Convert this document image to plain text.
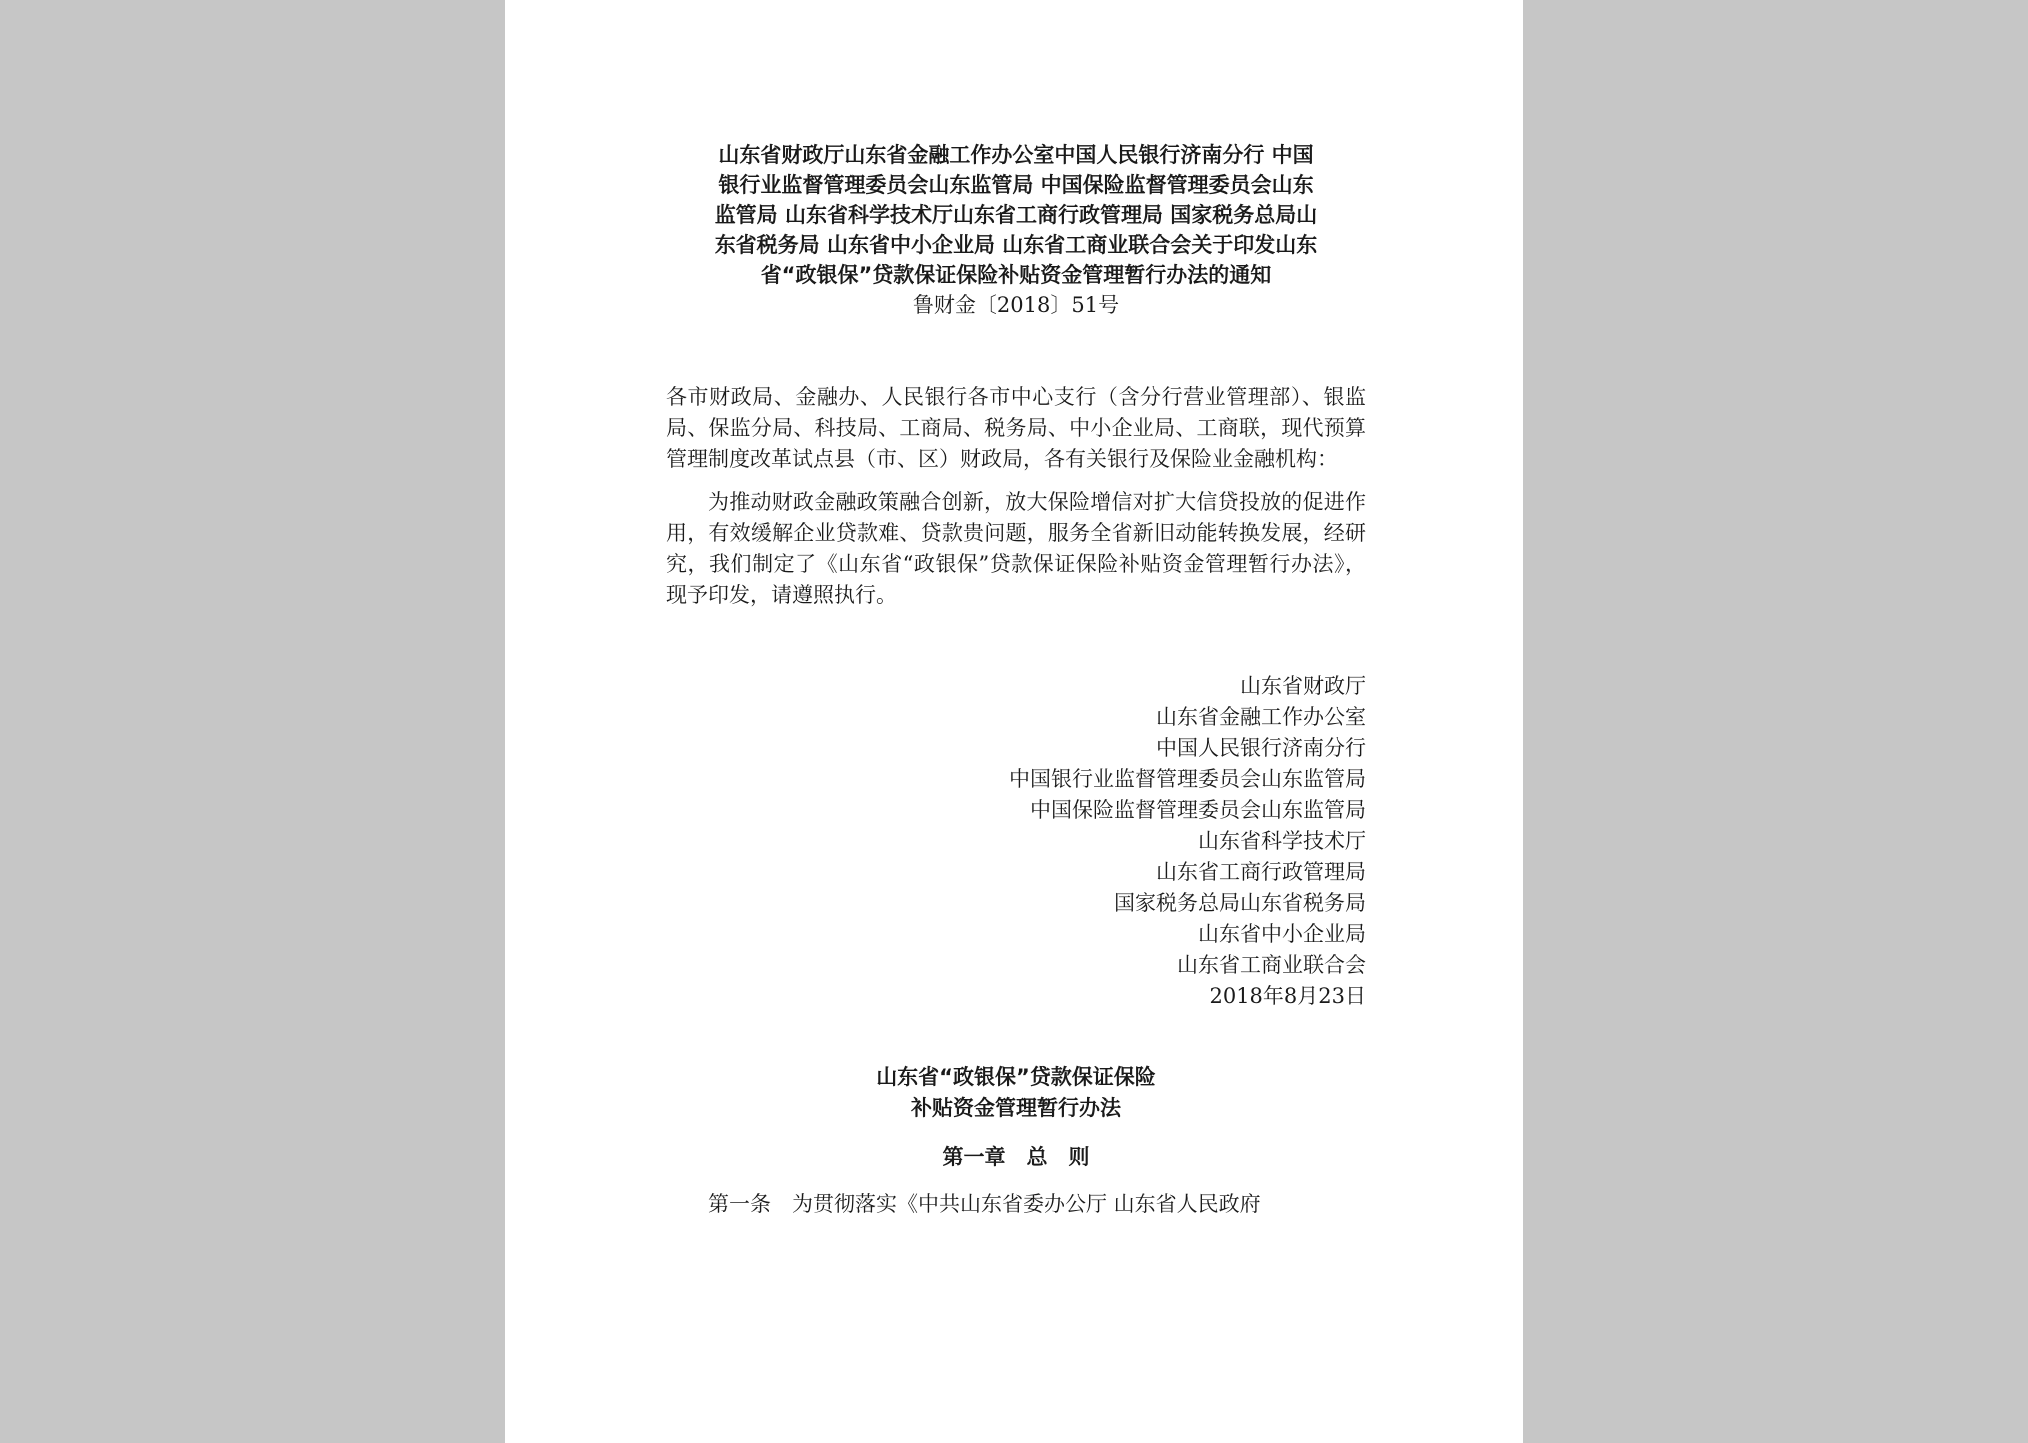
山东省财政厅山东省金融工作办公室中国人民银行济南分行 中国

银行业监督管理委员会山东监管局 中国保险监督管理委员会山东

监管局 山东省科学技术厅山东省工商行政管理局 国家税务总局山

东省税务局 山东省中小企业局 山东省工商业联合会关于印发山东

省“政银保”贷款保证保险补贴资金管理暂行办法的通知

鲁财金〔2018〕51号

各市财政局、金融办、人民银行各市中心支行（含分行营业管理部）、银监局、保监分局、科技局、工商局、税务局、中小企业局、工商联，现代预算管理制度改革试点县（市、区）财政局，各有关银行及保险业金融机构：

为推动财政金融政策融合创新，放大保险增信对扩大信贷投放的促进作用，有效缓解企业贷款难、贷款贵问题，服务全省新旧动能转换发展，经研究，我们制定了《山东省“政银保”贷款保证保险补贴资金管理暂行办法》，现予印发，请遵照执行。

山东省财政厅
山东省金融工作办公室
中国人民银行济南分行
中国银行业监督管理委员会山东监管局
中国保险监督管理委员会山东监管局
山东省科学技术厅
山东省工商行政管理局
国家税务总局山东省税务局
山东省中小企业局
山东省工商业联合会
2018年8月23日
山东省“政银保”贷款保证保险
补贴资金管理暂行办法
第一章　总　则

第一条　为贯彻落实《中共山东省委办公厅 山东省人民政府
